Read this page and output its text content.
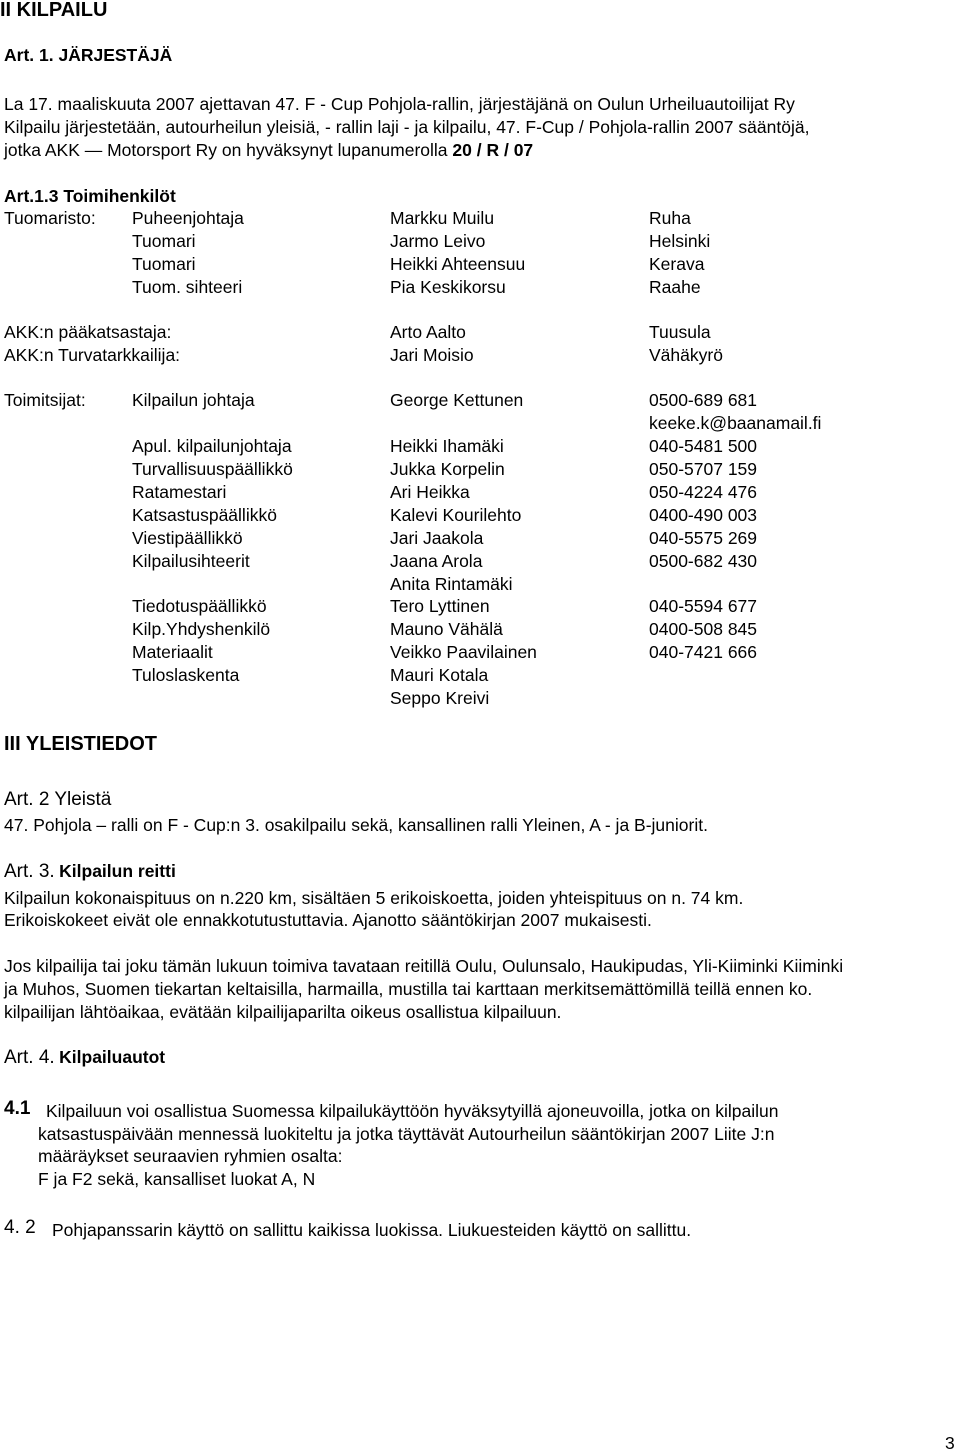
II KILPAILU
Art. 1. JÄRJESTÄJÄ
La 17. maaliskuuta 2007 ajettavan 47. F - Cup Pohjola-rallin, järjestäjänä on Oulun Urheiluautoilijat Ry
Kilpailu järjestetään, autourheilun yleisiä, - rallin laji - ja kilpailu, 47. F-Cup / Pohjola-rallin 2007 sääntöjä,
jotka AKK — Motorsport Ry on hyväksynyt lupanumerolla 20 / R / 07
Art.1.3 Toimihenkilöt
Tuomaristo: Puheenjohtaja	Markku Muilu	Ruha
Tuomari	Jarmo Leivo	Helsinki
Tuomari	Heikki Ahteensuu	Kerava
Tuom. sihteeri	Pia Keskikorsu	Raahe
AKK:n pääkatsastaja:	Arto Aalto	Tuusula
AKK:n Turvatarkkailija:	Jari Moisio	Vähäkyrö
Toimitsijat:	Kilpailun johtaja	George Kettunen	0500-689 681
keeke.k@baanamail.fi
Apul. kilpailunjohtaja	Heikki Ihamäki	040-5481 500
Turvallisuuspäällikkö	Jukka Korpelin	050-5707 159
Ratamestari	Ari Heikka	050-4224 476
Katsastuspäällikkö	Kalevi Kourilehto	0400-490 003
Viestipäällikkö	Jari Jaakola	040-5575 269
Kilpailusihteerit	Jaana Arola	0500-682 430
Anita Rintamäki
Tiedotuspäällikkö	Tero Lyttinen	040-5594 677
Kilp.Yhdyshenkilö	Mauno Vähälä	0400-508 845
Materiaalit	Veikko Paavilainen	040-7421 666
Tuloslaskenta	Mauri Kotala
Seppo Kreivi
III YLEISTIEDOT
Art. 2 Yleistä
47. Pohjola – ralli on F - Cup:n 3. osakilpailu sekä, kansallinen ralli Yleinen, A - ja B-juniorit.
Art. 3. Kilpailun reitti
Kilpailun kokonaispituus on n.220 km, sisältäen 5 erikoiskoetta, joiden yhteispituus on n. 74 km.
Erikoiskokeet eivät ole ennakkotutustuttavia. Ajanotto sääntökirjan 2007 mukaisesti.
Jos kilpailija tai joku tämän lukuun toimiva tavataan reitillä Oulu, Oulunsalo, Haukipudas, Yli-Kiiminki Kiiminki
ja Muhos, Suomen tiekartan keltaisilla, harmailla, mustilla tai karttaan merkitsemättömillä teillä ennen ko.
kilpailijan lähtöaikaa, evätään kilpailijaparilta oikeus osallistua kilpailuun.
Art. 4. Kilpailuautot
4.1 Kilpailuun voi osallistua Suomessa kilpailukäyttöön hyväksytyillä ajoneuvoilla, jotka on kilpailun
katsastuspäivään mennessä luokiteltu ja jotka täyttävät Autourheilun sääntökirjan 2007 Liite J:n
määräykset seuraavien ryhmien osalta:
F ja F2 sekä, kansalliset luokat A, N
4. 2 Pohjapanssarin käyttö on sallittu kaikissa luokissa. Liukuesteiden käyttö on sallittu.
3
